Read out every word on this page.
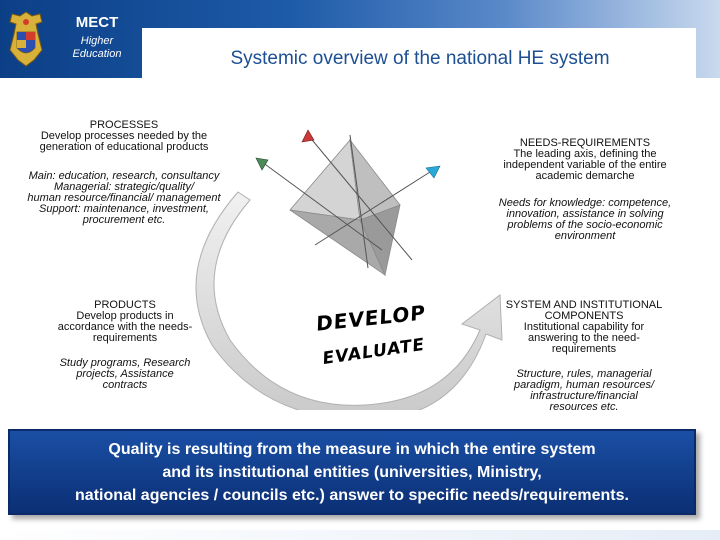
MECT
Higher
Education	Systemic overview of the national HE system
DEVELOP
EVALUATE
PROCESSES
Develop processes needed by the
generation of educational products
Main: education, research, consultancy
Managerial: strategic/quality/
human resource/financial/ management
Support: maintenance, investment,
procurement etc.
NEEDS-REQUIREMENTS
The leading axis, defining the
independent variable of the entire
academic demarche
Needs for knowledge: competence,
innovation, assistance in solving
problems of the socio-economic
environment
PRODUCTS
Develop products in
accordance with the needs-
requirements
Study programs, Research
projects, Assistance
contracts
SYSTEM AND INSTITUTIONAL
COMPONENTS
Institutional capability for
answering to the need-
requirements
Structure, rules, managerial
paradigm, human resources/
infrastructure/financial
resources etc.
Quality is resulting from the measure in which the entire system
and its institutional entities (universities, Ministry,
national agencies / councils etc.) answer to specific needs/requirements.
